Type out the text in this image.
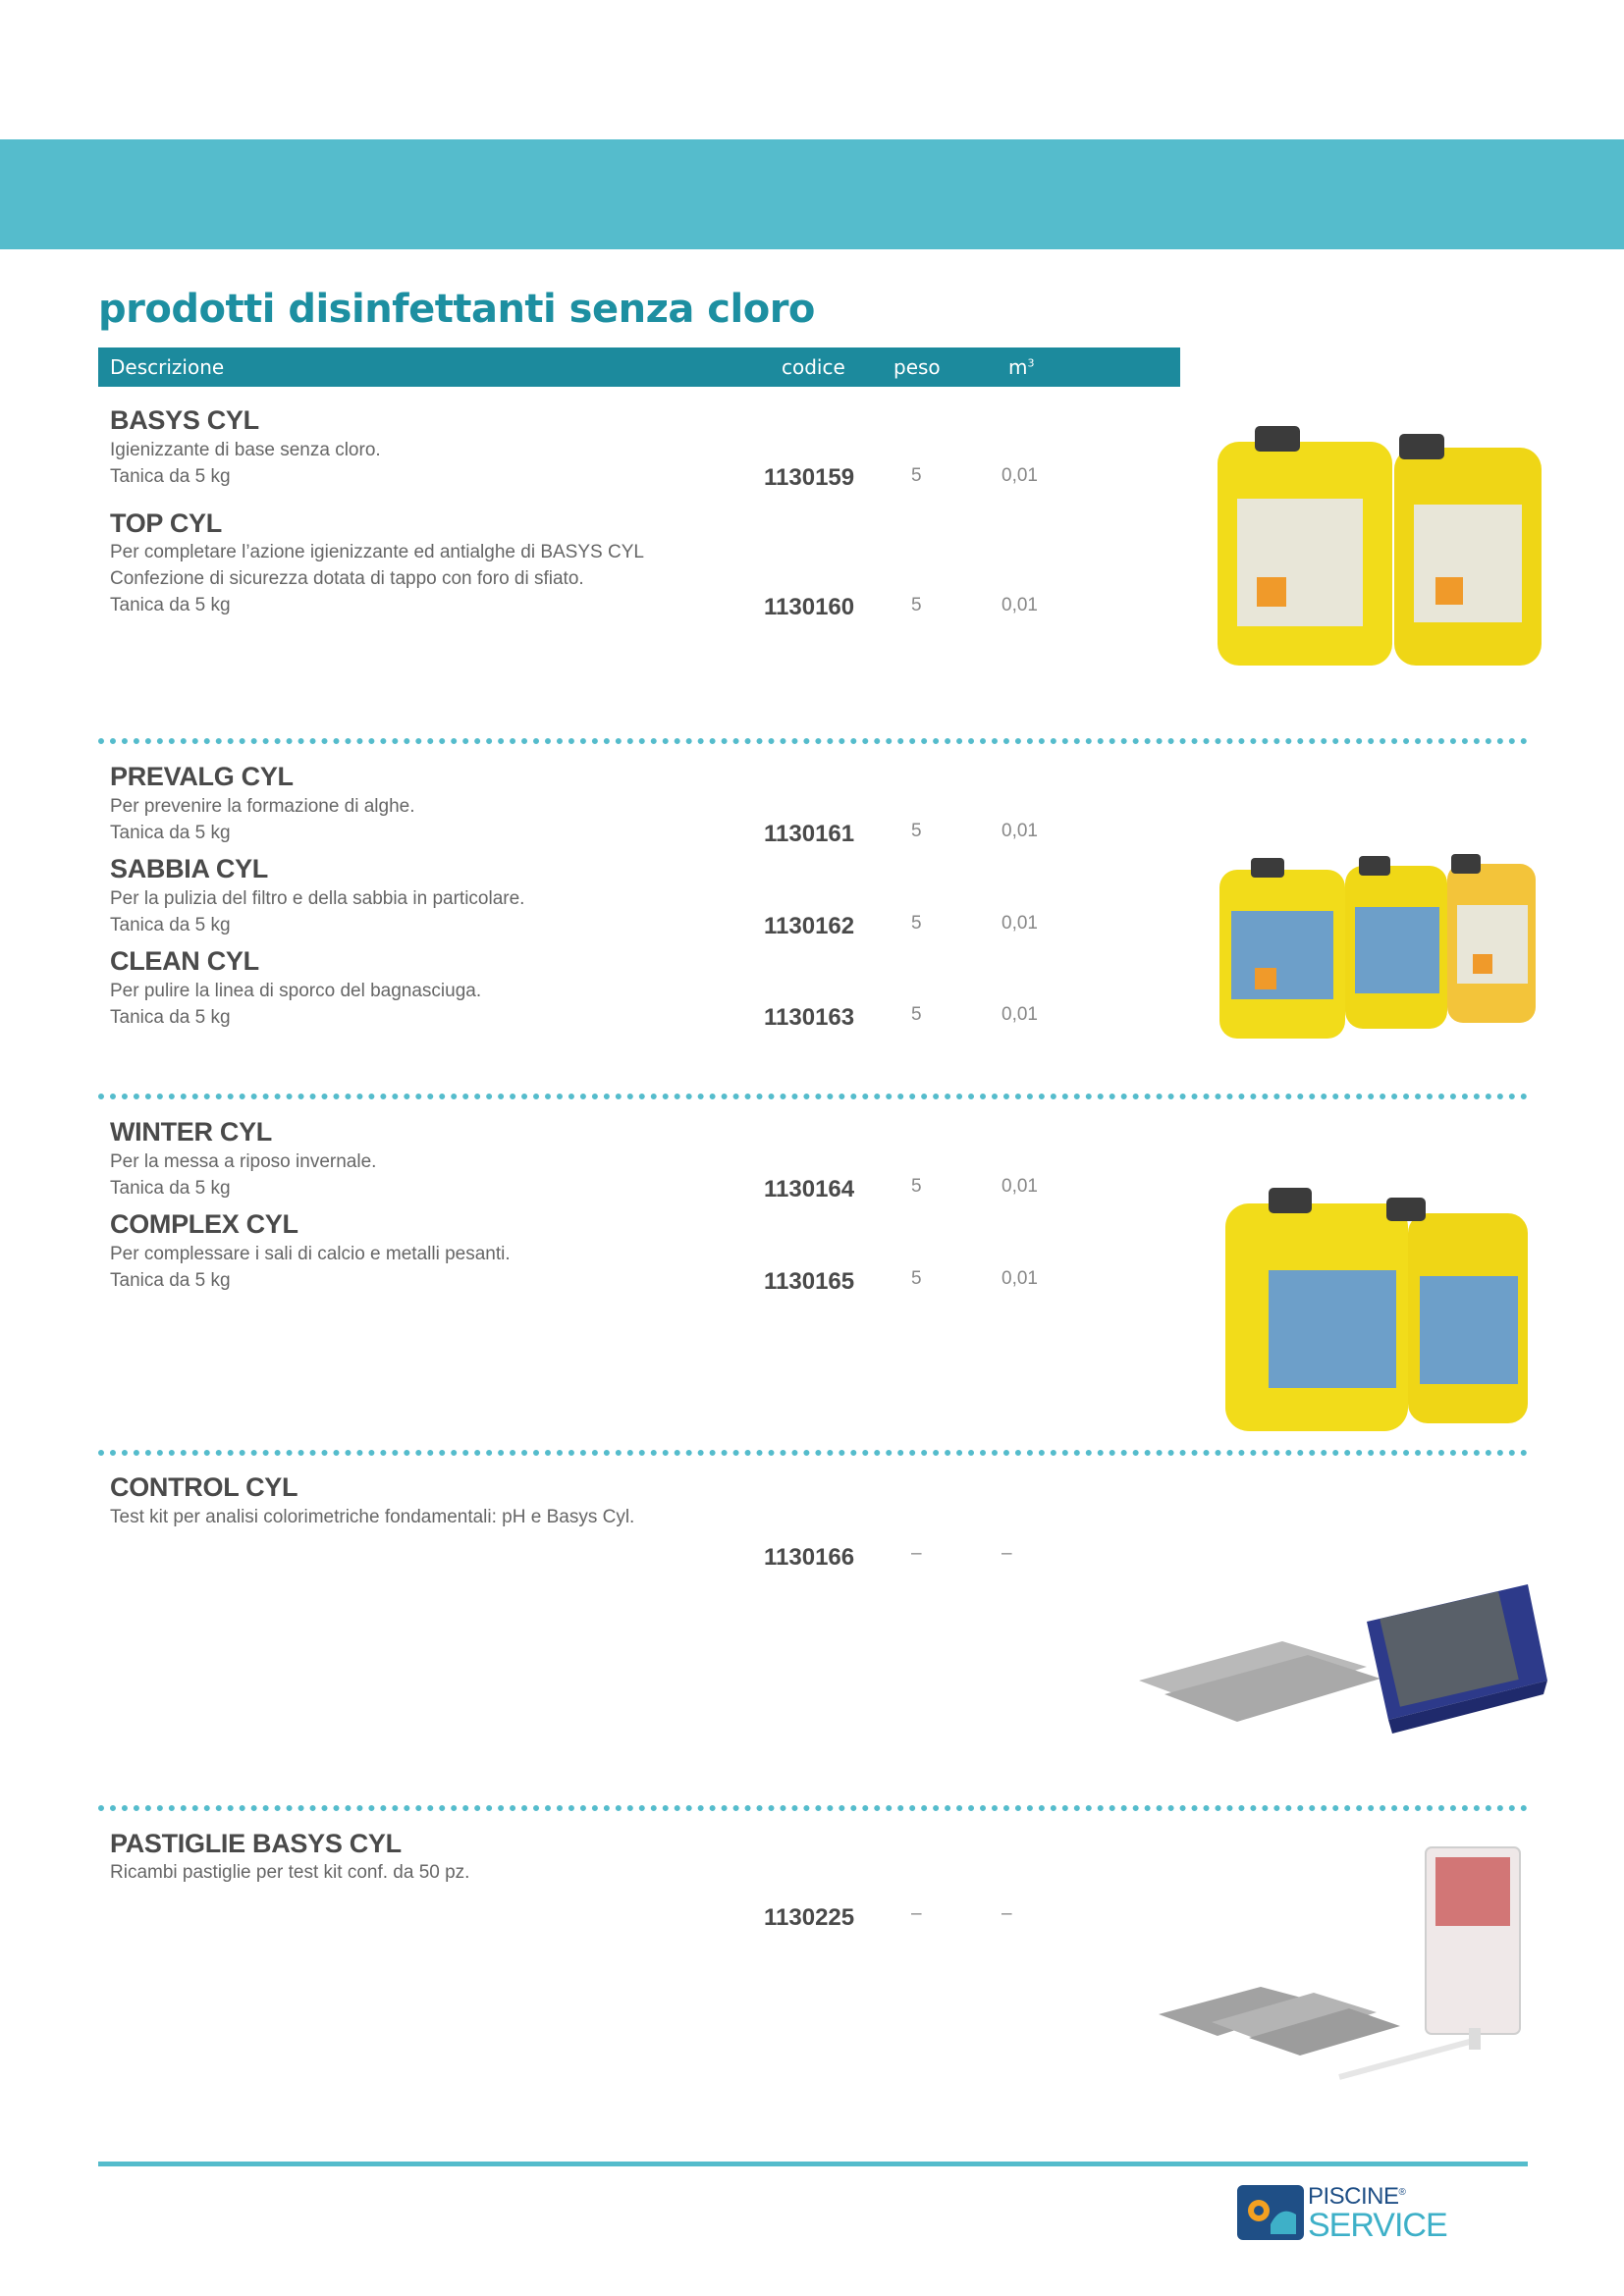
prodotti disinfettanti senza cloro
Descrizione	codice peso	$m^3$
BASYS CYL

Igienizzante di base senza cloro.

Tanica da 5 kg	1130159	5	0,01
TOP CYL

Per completare l’azione igienizzante ed antialghe di BASYS CYL

Confezione di sicurezza dotata di tappo con foro di sfiato.

Tanica da 5 kg	1130160	5	0,01
PREVALG CYL

Per prevenire la formazione di alghe.

Tanica da 5 kg	1130161	5	0,01
SABBIA CYL

Per la pulizia del filtro e della sabbia in particolare.

Tanica da 5 kg	1130162	5	0,01
CLEAN CYL

Per pulire la linea di sporco del bagnasciuga.

Tanica da 5 kg	1130163	5	0,01
WINTER CYL

Per la messa a riposo invernale.

Tanica da 5 kg	1130164	5	0,01
COMPLEX CYL

Per complessare i sali di calcio e metalli pesanti.

Tanica da 5 kg	1130165	5	0,01
CONTROL CYL

Test kit per analisi colorimetriche fondamentali: pH e Basys Cyl.

1130166	–	–
PASTIGLIE BASYS CYL

Ricambi pastiglie per test kit conf. da 50 pz.

1130225	–	–
PISCINE®
SERVICE
